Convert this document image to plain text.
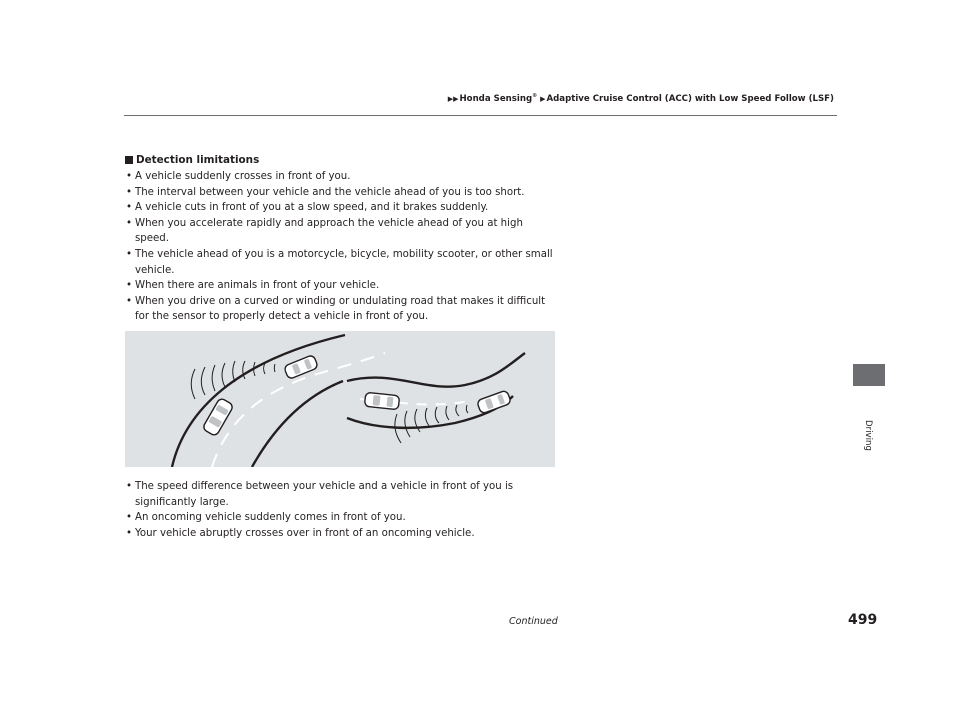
▶▶Honda Sensing® ▶Adaptive Cruise Control (ACC) with Low Speed Follow (LSF)
Detection limitations
• A vehicle suddenly crosses in front of you.
• The interval between your vehicle and the vehicle ahead of you is too short.
• A vehicle cuts in front of you at a slow speed, and it brakes suddenly.
• When you accelerate rapidly and approach the vehicle ahead of you at high
speed.
• The vehicle ahead of you is a motorcycle, bicycle, mobility scooter, or other small
vehicle.
• When there are animals in front of your vehicle.
• When you drive on a curved or winding or undulating road that makes it difficult
for the sensor to properly detect a vehicle in front of you.
• The speed difference between your vehicle and a vehicle in front of you is
significantly large.
• An oncoming vehicle suddenly comes in front of you.
• Your vehicle abruptly crosses over in front of an oncoming vehicle.
Driving
Continued	499
